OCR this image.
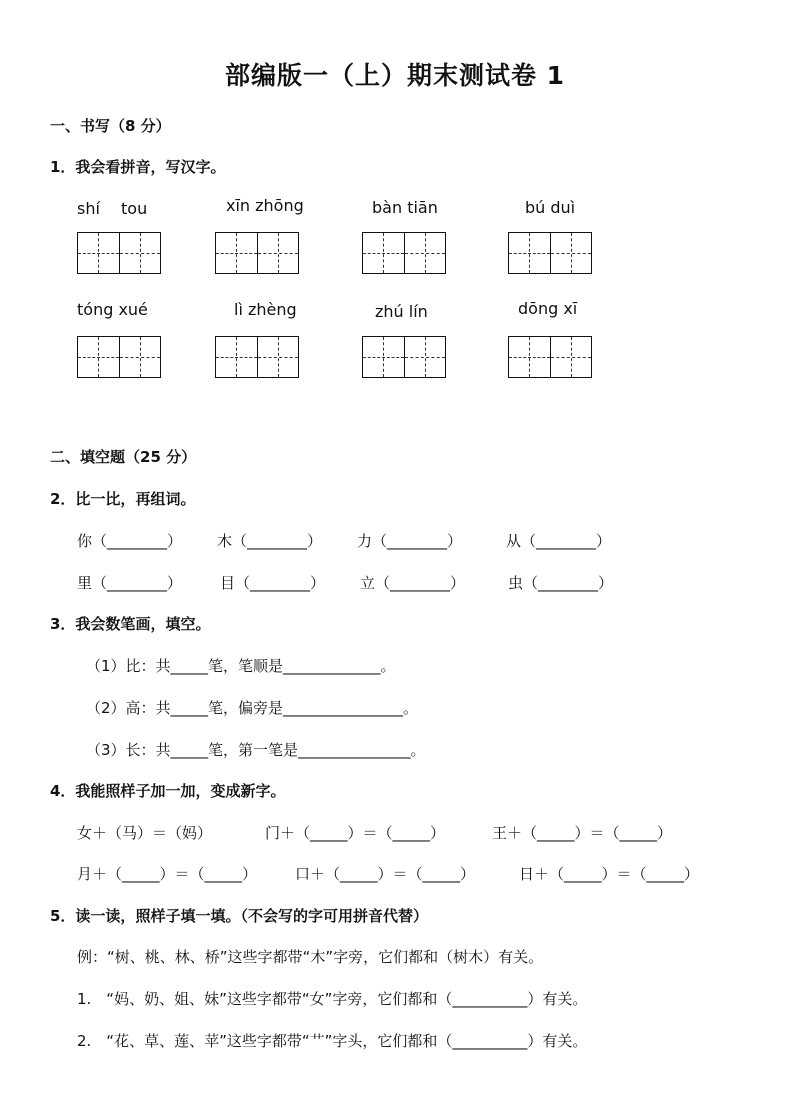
部编版一（上）期末测试卷 1
一、书写（8 分）
1．我会看拼音，写汉字。
shí　 tou	xīn zhōng	bàn tiān	bú duì
tóng xué	lì zhèng	zhú lín	dōng xī
二、填空题（25 分）
2．比一比，再组词。
你（________） 木（________） 力（________）	从（________）
里（________）	目（________） 立（________）	虫（________）
3．我会数笔画，填空。
（1）比：共_____笔，笔顺是_____________。
（2）高：共_____笔，偏旁是________________。
（3）长：共_____笔，第一笔是_______________。
4．我能照样子加一加，变成新字。
女＋（马）＝（妈）	门＋（_____）＝（_____）	王＋（_____）＝（_____）
月＋（_____）＝（_____）	口＋（_____）＝（_____）	日＋（_____）＝（_____）
5．读一读，照样子填一填。（不会写的字可用拼音代替）
例：“树、桃、林、桥”这些字都带“木”字旁，它们都和（树木）有关。
1.　“妈、奶、姐、妹”这些字都带“女”字旁，它们都和（__________）有关。
2.　“花、草、莲、苹”这些字都带“艹”字头，它们都和（__________）有关。
